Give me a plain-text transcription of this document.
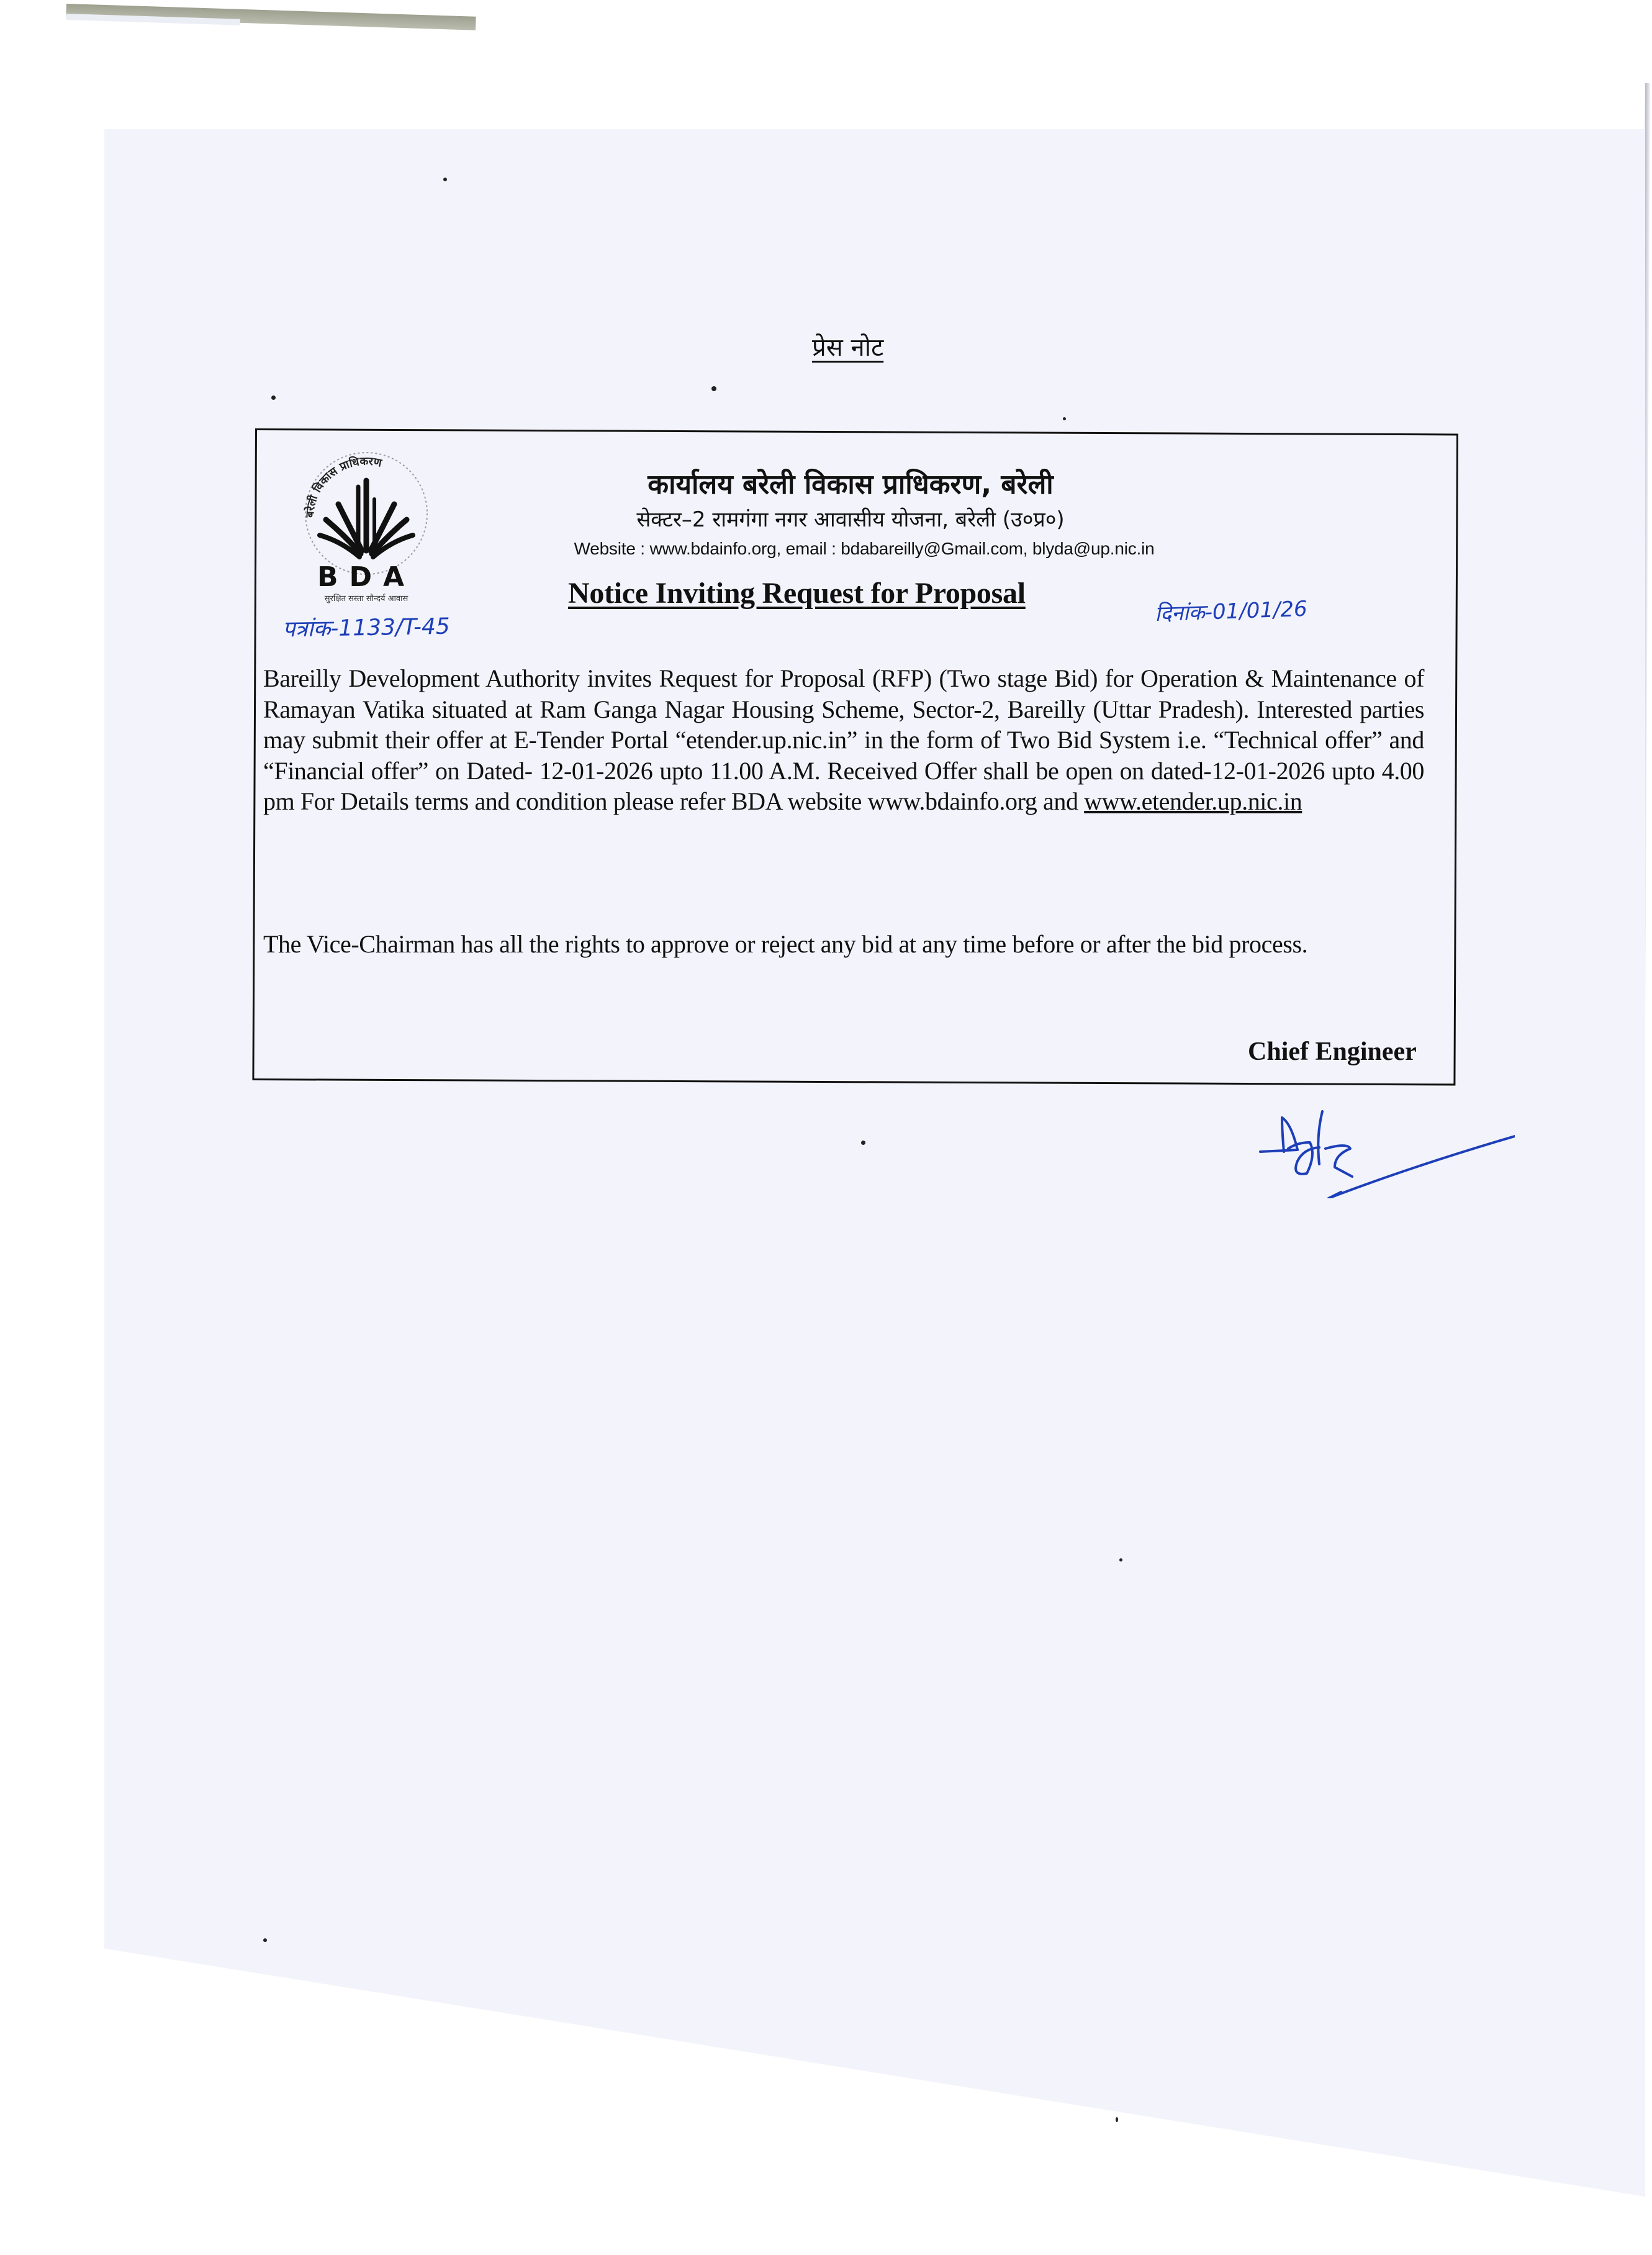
प्रेस नोट
बरेली विकास प्राधिकरण
BDA
सुरक्षित सस्ता सौन्दर्य आवास
कार्यालय बरेली विकास प्राधिकरण, बरेली
सेक्टर–2 रामगंगा नगर आवासीय योजना, बरेली (उ०प्र०)
Website : www.bdainfo.org, email : bdabareilly@Gmail.com, blyda@up.nic.in
Notice Inviting Request for Proposal
पत्रांक-1133/T-45
दिनांक-01/01/26
Bareilly Development Authority invites Request for Proposal (RFP) (Two stage Bid) for Operation & Maintenance of Ramayan Vatika situated at Ram Ganga Nagar Housing Scheme, Sector-2, Bareilly (Uttar Pradesh). Interested parties may submit their offer at E-Tender Portal “etender.up.nic.in” in the form of Two Bid System i.e. “Technical offer” and “Financial offer” on Dated- 12-01-2026 upto 11.00 A.M. Received Offer shall be open on dated-12-01-2026 upto 4.00 pm For Details terms and condition please refer BDA website www.bdainfo.org and www.etender.up.nic.in
The Vice-Chairman has all the rights to approve or reject any bid at any time before or after the bid process.
Chief Engineer
